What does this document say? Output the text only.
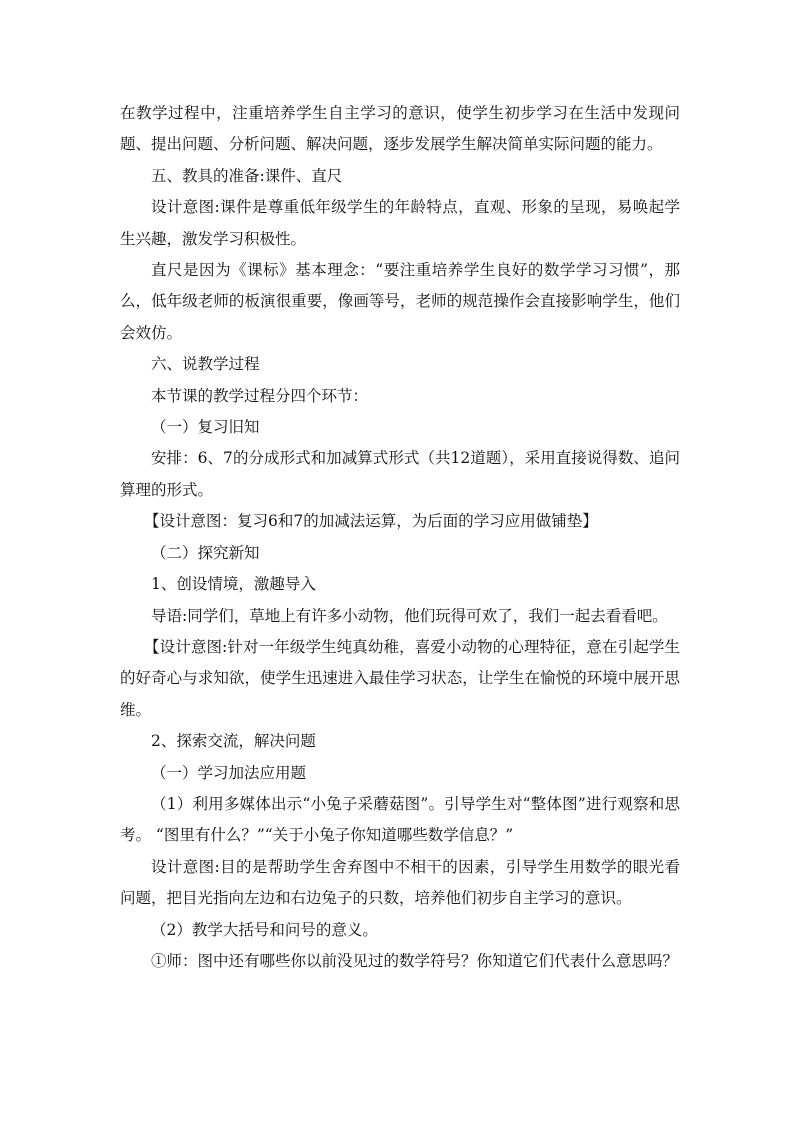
在教学过程中，注重培养学生自主学习的意识，使学生初步学习在生活中发现问题、提出问题、分析问题、解决问题，逐步发展学生解决简单实际问题的能力。

五、教具的准备:课件、直尺

设计意图:课件是尊重低年级学生的年龄特点，直观、形象的呈现，易唤起学生兴趣，激发学习积极性。

直尺是因为《课标》基本理念：“要注重培养学生良好的数学学习习惯”，那么，低年级老师的板演很重要，像画等号，老师的规范操作会直接影响学生，他们会效仿。

六、说教学过程

本节课的教学过程分四个环节：

（一）复习旧知

安排：6、7的分成形式和加减算式形式（共12道题），采用直接说得数、追问算理的形式。

【设计意图：复习6和7的加减法运算，为后面的学习应用做铺垫】

（二）探究新知

1、创设情境，激趣导入

导语:同学们，草地上有许多小动物，他们玩得可欢了，我们一起去看看吧。

【设计意图:针对一年级学生纯真幼稚，喜爱小动物的心理特征，意在引起学生的好奇心与求知欲，使学生迅速进入最佳学习状态，让学生在愉悦的环境中展开思维。

2、探索交流，解决问题

（一）学习加法应用题

（1）利用多媒体出示“小兔子采蘑菇图”。引导学生对“整体图”进行观察和思考。 “图里有什么？”“关于小兔子你知道哪些数学信息？”

设计意图:目的是帮助学生舍弃图中不相干的因素，引导学生用数学的眼光看问题，把目光指向左边和右边兔子的只数，培养他们初步自主学习的意识。

（2）教学大括号和问号的意义。

①师：图中还有哪些你以前没见过的数学符号？你知道它们代表什么意思吗？
